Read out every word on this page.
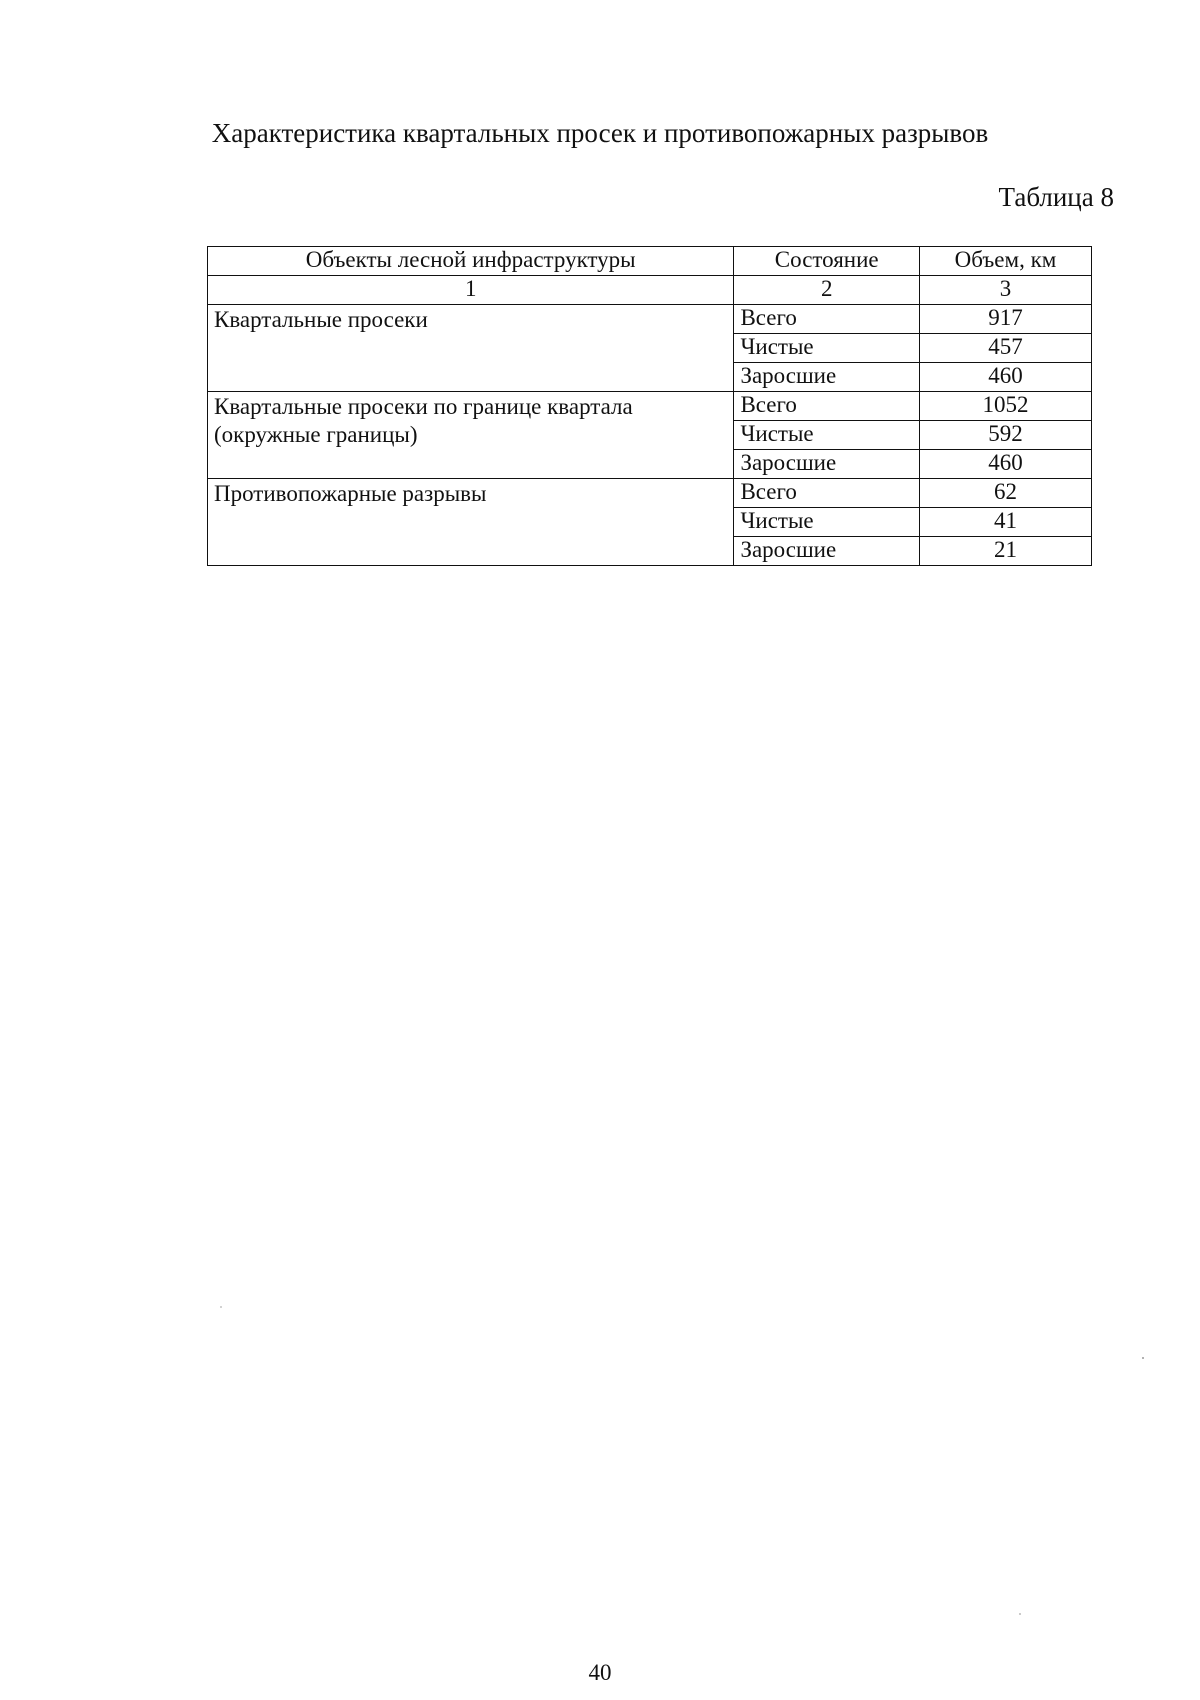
Характеристика квартальных просек и противопожарных разрывов
Таблица 8
Объекты лесной инфраструктуры	Состояние	Объем, км
1	2	3
Квартальные просеки	Всего	917
	Чистые	457
	Заросшие	460
Квартальные просеки по границе квартала (окружные границы)	Всего	1052
	Чистые	592
	Заросшие	460
Противопожарные разрывы	Всего	62
	Чистые	41
	Заросшие	21
40
